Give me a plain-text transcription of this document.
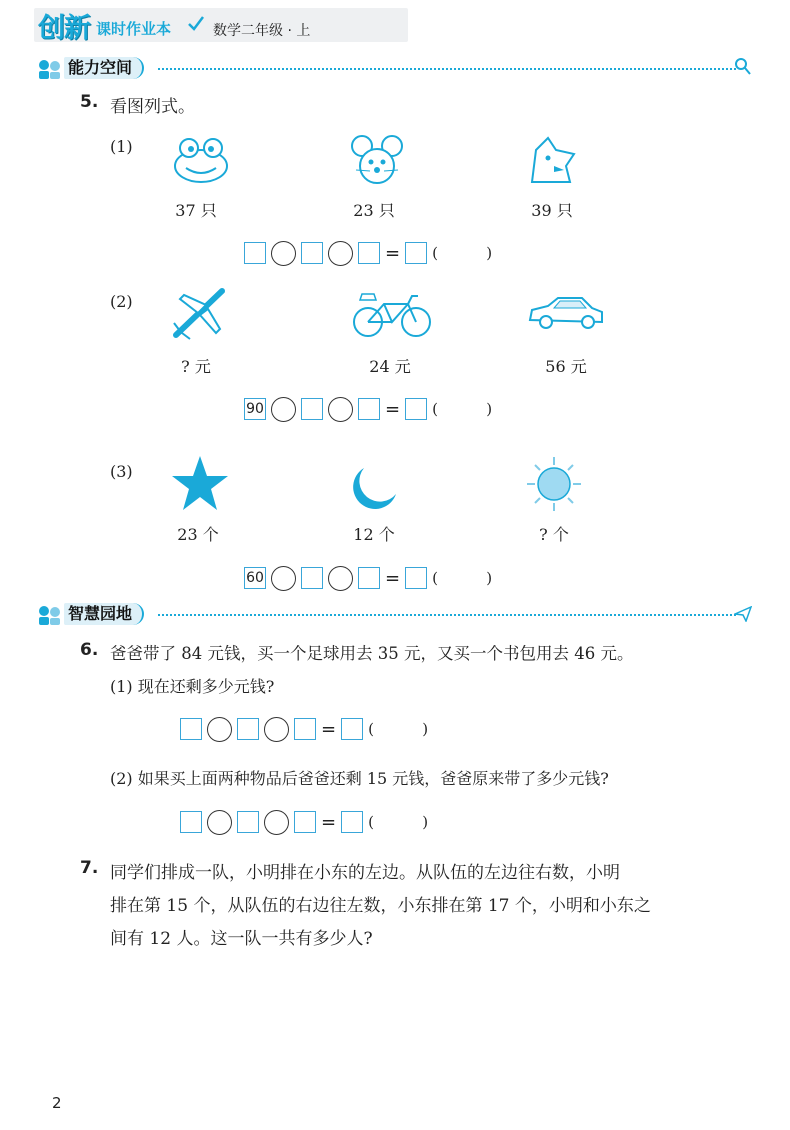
创新 课时作业本	数学二年级 · 上
能力空间
5. 看图列式。
(1)
37 只	23 只	39 只
= (	)
(2)
? 元	24 元	56 元
90	= (	)
(3)
23 个	12 个	? 个
60	= (	)
智慧园地
6. 爸爸带了 84 元钱，买一个足球用去 35 元，又买一个书包用去 46 元。
(1) 现在还剩多少元钱?
= (	)
(2) 如果买上面两种物品后爸爸还剩 15 元钱，爸爸原来带了多少元钱?
= (	)
7. 同学们排成一队，小明排在小东的左边。从队伍的左边往右数，小明
排在第 15 个，从队伍的右边往左数，小东排在第 17 个，小明和小东之
间有 12 人。这一队一共有多少人?
2
